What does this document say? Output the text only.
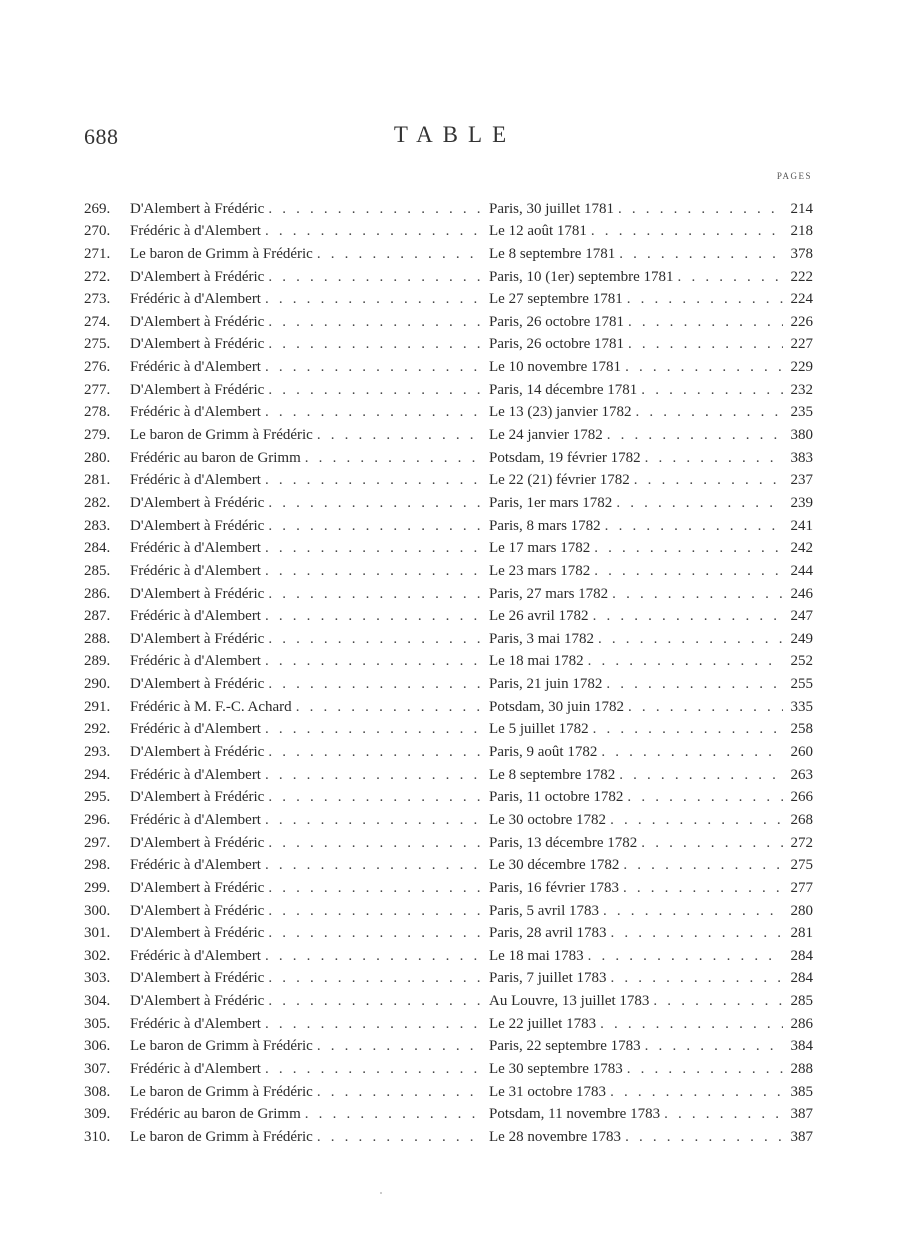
688	TABLE
PAGES
269.	D'Alembert à Frédéric . . .	Paris, 30 juillet 1781 . . .	214
270.	Frédéric à d'Alembert . . .	Le 12 août 1781 . . .	218
271.	Le baron de Grimm à Frédéric . . .	Le 8 septembre 1781 . . .	378
272.	D'Alembert à Frédéric . . .	Paris, 10 (1er) septembre 1781 . . .	222
273.	Frédéric à d'Alembert . . .	Le 27 septembre 1781 . . .	224
274.	D'Alembert à Frédéric . . .	Paris, 26 octobre 1781 . . .	226
275.	D'Alembert à Frédéric . . .	Paris, 26 octobre 1781 . . .	227
276.	Frédéric à d'Alembert . . .	Le 10 novembre 1781 . . .	229
277.	D'Alembert à Frédéric . . .	Paris, 14 décembre 1781 . . .	232
278.	Frédéric à d'Alembert . . .	Le 13 (23) janvier 1782 . . .	235
279.	Le baron de Grimm à Frédéric . . .	Le 24 janvier 1782 . . .	380
280.	Frédéric au baron de Grimm . . .	Potsdam, 19 février 1782 . . .	383
281.	Frédéric à d'Alembert . . .	Le 22 (21) février 1782 . . .	237
282.	D'Alembert à Frédéric . . .	Paris, 1er mars 1782 . . .	239
283.	D'Alembert à Frédéric . . .	Paris, 8 mars 1782 . . .	241
284.	Frédéric à d'Alembert . . .	Le 17 mars 1782 . . .	242
285.	Frédéric à d'Alembert . . .	Le 23 mars 1782 . . .	244
286.	D'Alembert à Frédéric . . .	Paris, 27 mars 1782 . . .	246
287.	Frédéric à d'Alembert . . .	Le 26 avril 1782 . . .	247
288.	D'Alembert à Frédéric . . .	Paris, 3 mai 1782 . . .	249
289.	Frédéric à d'Alembert . . .	Le 18 mai 1782 . . .	252
290.	D'Alembert à Frédéric . . .	Paris, 21 juin 1782 . . .	255
291.	Frédéric à M. F.-C. Achard . . .	Potsdam, 30 juin 1782 . . .	335
292.	Frédéric à d'Alembert . . .	Le 5 juillet 1782 . . .	258
293.	D'Alembert à Frédéric . . .	Paris, 9 août 1782 . . .	260
294.	Frédéric à d'Alembert . . .	Le 8 septembre 1782 . . .	263
295.	D'Alembert à Frédéric . . .	Paris, 11 octobre 1782 . . .	266
296.	Frédéric à d'Alembert . . .	Le 30 octobre 1782 . . .	268
297.	D'Alembert à Frédéric . . .	Paris, 13 décembre 1782 . . .	272
298.	Frédéric à d'Alembert . . .	Le 30 décembre 1782 . . .	275
299.	D'Alembert à Frédéric . . .	Paris, 16 février 1783 . . .	277
300.	D'Alembert à Frédéric . . .	Paris, 5 avril 1783 . . .	280
301.	D'Alembert à Frédéric . . .	Paris, 28 avril 1783 . . .	281
302.	Frédéric à d'Alembert . . .	Le 18 mai 1783 . . .	284
303.	D'Alembert à Frédéric . . .	Paris, 7 juillet 1783 . . .	284
304.	D'Alembert à Frédéric . . .	Au Louvre, 13 juillet 1783 . . .	285
305.	Frédéric à d'Alembert . . .	Le 22 juillet 1783 . . .	286
306.	Le baron de Grimm à Frédéric . . .	Paris, 22 septembre 1783 . . .	384
307.	Frédéric à d'Alembert . . .	Le 30 septembre 1783 . . .	288
308.	Le baron de Grimm à Frédéric . . .	Le 31 octobre 1783 . . .	385
309.	Frédéric au baron de Grimm . . .	Potsdam, 11 novembre 1783 . . .	387
310.	Le baron de Grimm à Frédéric . . .	Le 28 novembre 1783 . . .	387
